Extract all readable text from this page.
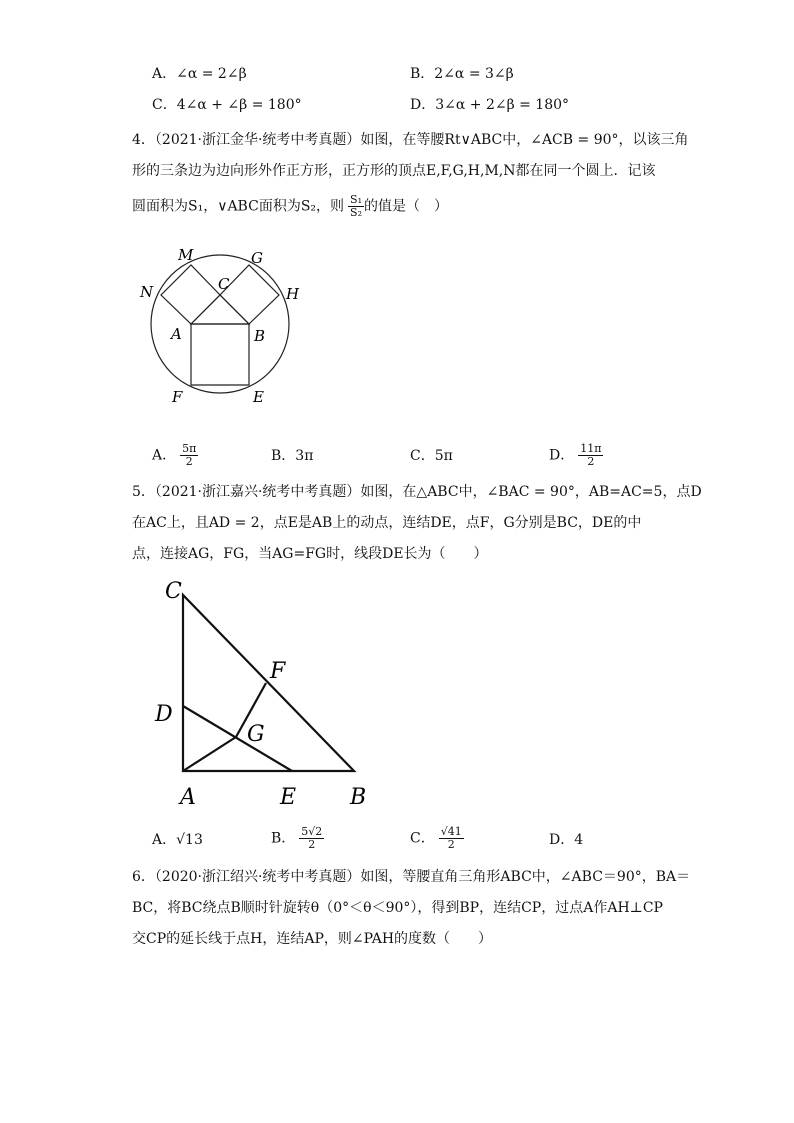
A．∠α = 2∠β	B．2∠α = 3∠β
C．4∠α + ∠β = 180°	D．3∠α + 2∠β = 180°
4．（2021·浙江金华·统考中考真题）如图，在等腰Rt∨ABC中，∠ACB = 90°，以该三角
形的三条边为边向形外作正方形，正方形的顶点E,F,G,H,M,N都在同一个圆上．记该
圆面积为S₁，∨ABC面积为S₂，则 $\frac{\text{S₁}}{\text{S₂}}$ 的值是（　）
M	G
N	C
H
A	B
F	E
A． $\frac{5\pi}{2}$	B．3π	C．5π	D． $\frac{11\pi}{2}$
5．（2021·浙江嘉兴·统考中考真题）如图，在△ABC中，∠BAC = 90°，AB=AC=5，点D
在AC上，且AD = 2，点E是AB上的动点，连结DE，点F，G分别是BC，DE的中
点，连接AG，FG，当AG=FG时，线段DE长为（　　）
C
F
D
G
A	E B
A．√13	B． $\frac{5√2}{2}$	C． $\frac{√41}{2}$	D．4
6．（2020·浙江绍兴·统考中考真题）如图，等腰直角三角形ABC中，∠ABC＝90°，BA＝
BC，将BC绕点B顺时针旋转θ（0°＜θ＜90°），得到BP，连结CP，过点A作AH⊥CP
交CP的延长线于点H，连结AP，则∠PAH的度数（　　）
